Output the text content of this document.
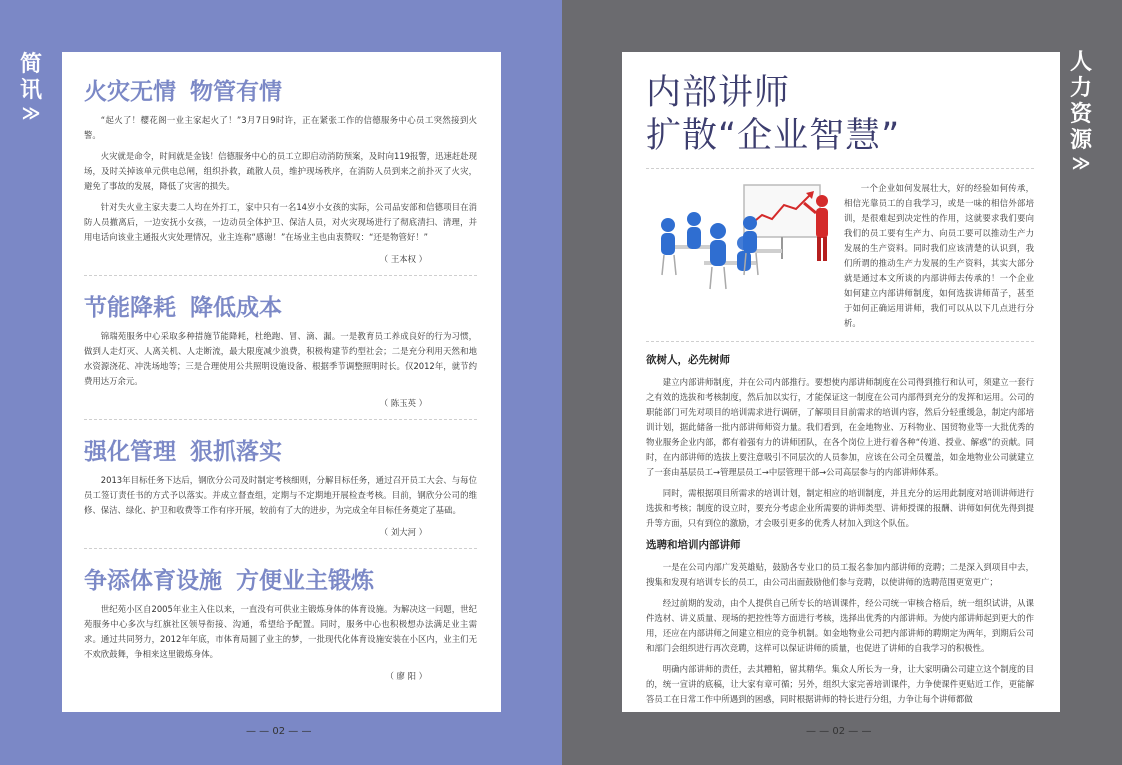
简
讯
≫
人
力
资
源
≫
火灾无情 物管有情

“起火了！樱花阁一业主家起火了！”3月7日9时许，正在紧张工作的信德服务中心员工突然接到火警。

火灾就是命令，时间就是金钱！信德服务中心的员工立即启动消防预案，及时向119报警，迅速赶赴现场，及时关掉该单元供电总闸，组织扑救，疏散人员，维护现场秩序，在消防人员到来之前扑灭了火灾，避免了事故的发展，降低了灾害的损失。

针对失火业主家夫妻二人均在外打工，家中只有一名14岁小女孩的实际，公司品安部和信德项目在消防人员撤离后，一边安抚小女孩，一边动员全体护卫、保洁人员，对火灾现场进行了彻底清扫、清理，并用电话向该业主通报火灾处理情况，业主连称“感谢！”在场业主也由衷赞叹：“还是物管好！”

（ 王本权 ）
节能降耗 降低成本

锦瑞苑服务中心采取多种措施节能降耗，杜绝跑、冒、滴、漏。一是教育员工养成良好的行为习惯，做到人走灯灭、人离关机、人走断流，最大限度减少浪费，积极构建节约型社会；二是充分利用天然和地水资源浇花、冲洗场地等；三是合理使用公共照明设施设备、根据季节调整照明时长。仅2012年，就节约费用达万余元。

（ 陈玉英 ）
强化管理 狠抓落实

2013年目标任务下达后，钢欣分公司及时制定考核细则，分解目标任务，通过召开员工大会、与每位员工签订责任书的方式予以落实。并成立督查组，定期与不定期地开展检查考核。目前，钢欣分公司的维修、保洁、绿化、护卫和收费等工作有序开展，较前有了大的进步，为完成全年目标任务奠定了基础。

（ 刘大河 ）
争添体育设施 方便业主锻炼

世纪苑小区自2005年业主入住以来，一直没有可供业主锻炼身体的体育设施。为解决这一问题，世纪苑服务中心多次与红旗社区领导衔接、沟通，希望给予配置。同时，服务中心也积极想办法满足业主需求。通过共同努力，2012年年底，市体育局圆了业主的梦，一批现代化体育设施安装在小区内，业主们无不欢欣鼓舞，争相来这里锻炼身体。

（ 廖 阳 ）
内部讲师
扩散“企业智慧”

一个企业如何发展壮大，好的经验如何传承，相信光靠员工的自我学习，或是一味的相信外部培训，是很难起到决定性的作用，这就要求我们要向我们的员工要有生产力、向员工要可以推动生产力发展的生产资料。同时我们应该清楚的认识到，我们所谓的推动生产力发展的生产资料，其实大部分就是通过本文所谈的内部讲师去传承的！一个企业如何建立内部讲师制度，如何选拔讲师苗子，甚至于如何正确运用讲师，我们可以从以下几点进行分析。

欲树人，必先树师

建立内部讲师制度，并在公司内部推行。要想使内部讲师制度在公司得到推行和认可，须建立一套行之有效的选拔和考核制度，然后加以实行，才能保证这一制度在公司内部得到充分的发挥和运用。公司的职能部门可先对项目的培训需求进行调研，了解项目目前需求的培训内容，然后分轻重缓急，制定内部培训计划，据此储备一批内部讲师师资力量。我们看到，在金地物业、万科物业、国贸物业等一大批优秀的物业服务企业内部，都有着强有力的讲师团队，在各个岗位上进行着各种“传道、授业、解惑”的贡献。同时，在内部讲师的选拔上要注意吸引不同层次的人员参加，应该在公司全员覆盖，如金地物业公司就建立了一套由基层员工→管理层员工→中层管理干部→公司高层参与的内部讲师体系。

同时，需根据项目所需求的培训计划，制定相应的培训制度，并且充分的运用此制度对培训讲师进行选拔和考核；制度的设立时，要充分考虑企业所需要的讲师类型、讲师授课的报酬、讲师如何优先得到提升等方面，只有到位的激励，才会吸引更多的优秀人材加入到这个队伍。

选聘和培训内部讲师

一是在公司内部广发英雄贴，鼓励各专业口的员工报名参加内部讲师的竞聘；二是深入到项目中去，搜集和发现有培训专长的员工，由公司出面鼓励他们参与竞聘，以使讲师的选聘范围更宽更广；

经过前期的发动，由个人提供自己所专长的培训课件，经公司统一审核合格后，统一组织试讲，从课件选材、讲义质量、现场的把控性等方面进行考核，选择出优秀的内部讲师。为使内部讲师起到更大的作用，还应在内部讲师之间建立相应的竞争机制。如金地物业公司把内部讲师的聘期定为两年，到期后公司和部门会组织进行再次竞聘，这样可以保证讲师的质量，也促进了讲师的自我学习的积极性。

明确内部讲师的责任，去其糟粕，留其精华。集众人所长为一身，让大家明确公司建立这个制度的目的，统一宣讲的底稿，让大家有章可循；另外，组织大家完善培训课件，力争使课件更贴近工作，更能解答员工在日常工作中所遇到的困惑，同时根据讲师的特长进行分组，力争让每个讲师都做

— — 02 — —	— — 02 — —
